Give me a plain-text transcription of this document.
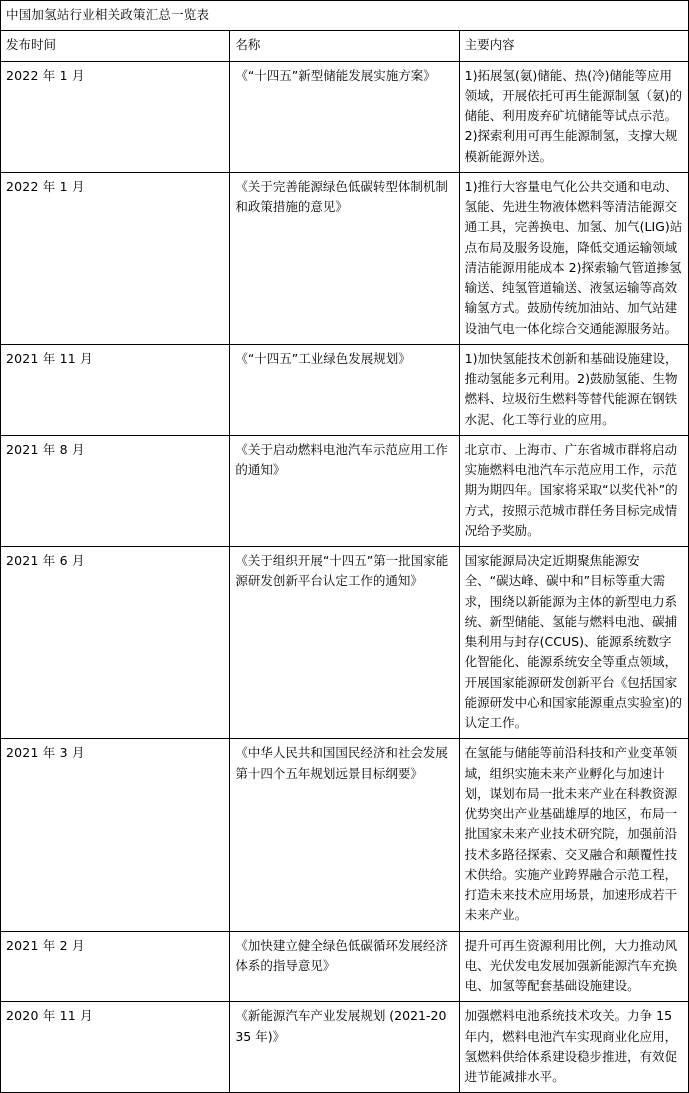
中国加氢站行业相关政策汇总一览表		
发布时间	名称	主要内容
2022 年 1 月	《“十四五”新型储能发展实施方案》	1)拓展氢(氨)储能、热(冷)储能等应用领域，开展依托可再生能源制氢（氨)的储能、利用废弃矿坑储能等试点示范。2)探索利用可再生能源制氢，支撑大规模新能源外送。
2022 年 1 月	《关于完善能源绿色低碳转型体制机制和政策措施的意见》	1)推行大容量电气化公共交通和电动、氢能、先进生物液体燃料等清洁能源交通工具，完善换电、加氢、加气(LIG)站点布局及服务设施，降低交通运输领域清洁能源用能成本 2)探索输气管道掺氢输送、纯氢管道输送、液氢运输等高效输氢方式。鼓励传统加油站、加气站建设油气电一体化综合交通能源服务站。
2021 年 11 月	《“十四五”工业绿色发展规划》	1)加快氢能技术创新和基础设施建设，推动氢能多元利用。2)鼓励氢能、生物燃料、垃圾衍生燃料等替代能源在钢铁水泥、化工等行业的应用。
2021 年 8 月	《关于启动燃料电池汽车示范应用工作的通知》	北京市、上海市、广东省城市群将启动实施燃料电池汽车示范应用工作，示范期为期四年。国家将采取“以奖代补”的方式，按照示范城市群任务目标完成情况给予奖励。
2021 年 6 月	《关于组织开展“十四五”第一批国家能源研发创新平台认定工作的通知》	国家能源局决定近期聚焦能源安全、“碳达峰、碳中和”目标等重大需求，围绕以新能源为主体的新型电力系统、新型储能、氢能与燃料电池、碳捕集利用与封存(CCUS)、能源系统数字化智能化、能源系统安全等重点领域，开展国家能源研发创新平台《包括国家能源研发中心和国家能源重点实验室)的认定工作。
2021 年 3 月	《中华人民共和国国民经济和社会发展第十四个五年规划远景目标纲要》	在氢能与储能等前沿科技和产业变革领域，组织实施未来产业孵化与加速计划，谋划布局一批未来产业在科教资源优势突出产业基础雄厚的地区，布局一批国家未来产业技术研究院，加强前沿技术多路径探索、交叉融合和颠覆性技术供给。实施产业跨界融合示范工程，打造未来技术应用场景，加速形成若干未来产业。
2021 年 2 月	《加快建立健全绿色低碳循环发展经济体系的指导意见》	提升可再生资源利用比例，大力推动风电、光伏发电发展加强新能源汽车充换电、加氢等配套基础设施建设。
2020 年 11 月	《新能源汽车产业发展规划 (2021-2035 年)》	加强燃料电池系统技术攻关。力争 15 年内，燃料电池汽车实现商业化应用，氢燃料供给体系建设稳步推进，有效促进节能减排水平。
